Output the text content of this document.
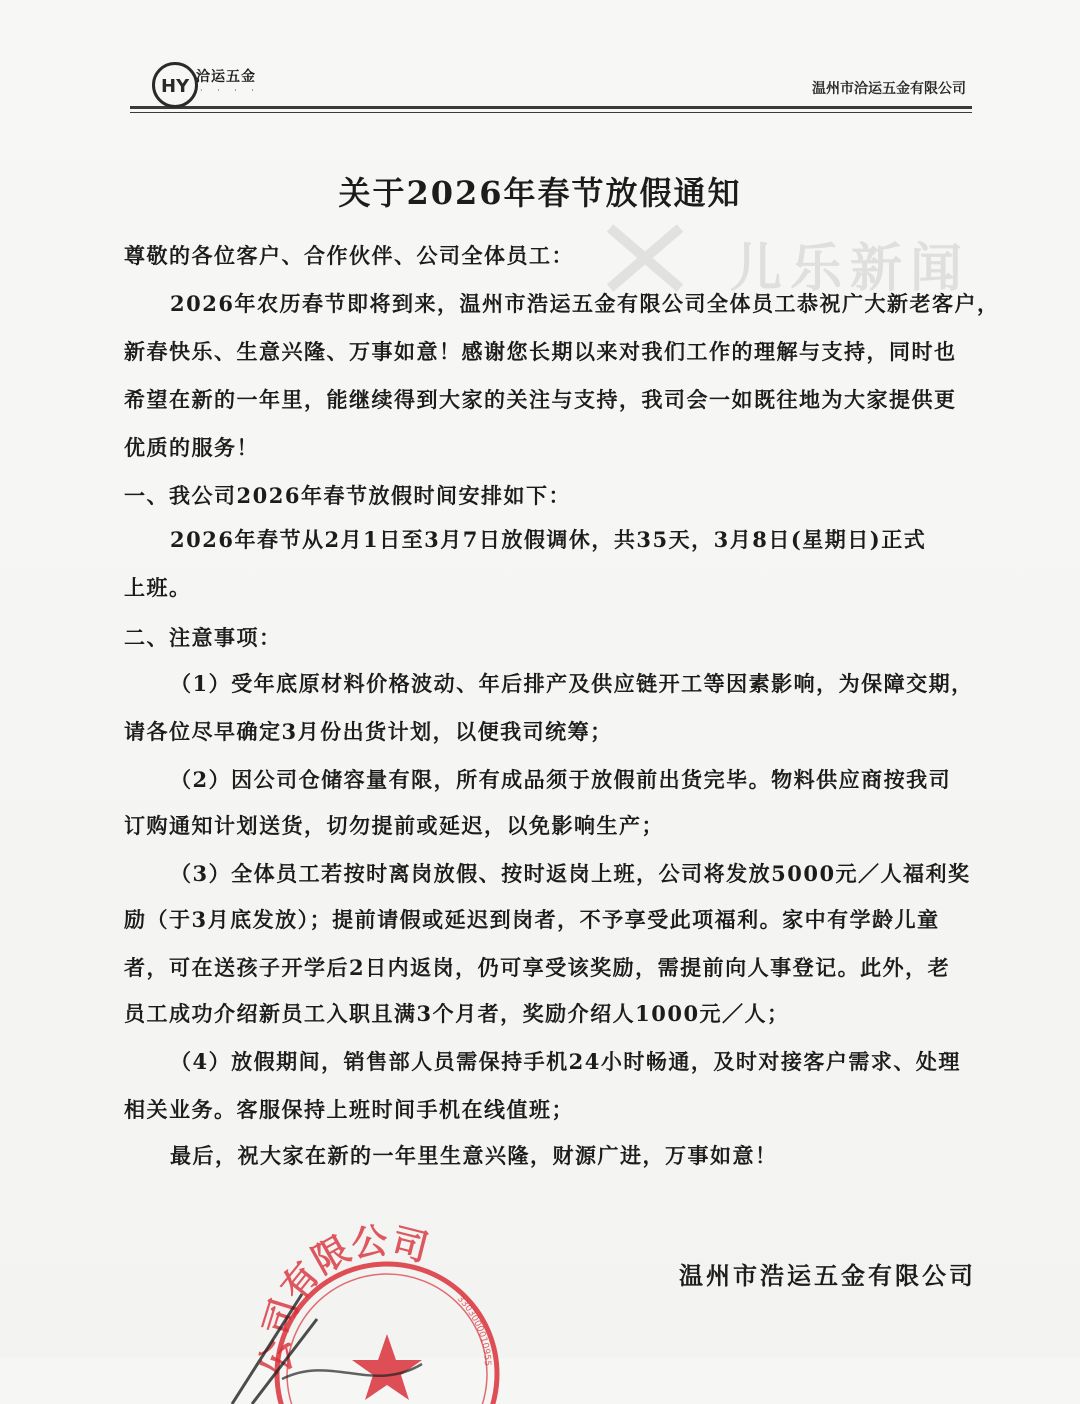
HY 洽运五金
· · · ·	温州市洽运五金有限公司
儿乐新闻
关于2026年春节放假通知
尊敬的各位客户、合作伙伴、公司全体员工：
2026年农历春节即将到来，温州市浩运五金有限公司全体员工恭祝广大新老客户，
新春快乐、生意兴隆、万事如意！感谢您长期以来对我们工作的理解与支持，同时也
希望在新的一年里，能继续得到大家的关注与支持，我司会一如既往地为大家提供更
优质的服务！
一、我公司2026年春节放假时间安排如下：
2026年春节从2月1日至3月7日放假调休，共35天，3月8日(星期日)正式
上班。
二、注意事项：
（1）受年底原材料价格波动、年后排产及供应链开工等因素影响，为保障交期，
请各位尽早确定3月份出货计划，以便我司统筹；
（2）因公司仓储容量有限，所有成品须于放假前出货完毕。物料供应商按我司
订购通知计划送货，切勿提前或延迟，以免影响生产；
（3）全体员工若按时离岗放假、按时返岗上班，公司将发放5000元／人福利奖
励（于3月底发放）；提前请假或延迟到岗者，不予享受此项福利。家中有学龄儿童
者，可在送孩子开学后2日内返岗，仍可享受该奖励，需提前向人事登记。此外，老
员工成功介绍新员工入职且满3个月者，奖励介绍人1000元／人；
（4）放假期间，销售部人员需保持手机24小时畅通，及时对接客户需求、处理
相关业务。客服保持上班时间手机在线值班；
最后，祝大家在新的一年里生意兴隆，财源广进，万事如意！
温州市浩运五金有限公司
公司有限公司
3303000010955
